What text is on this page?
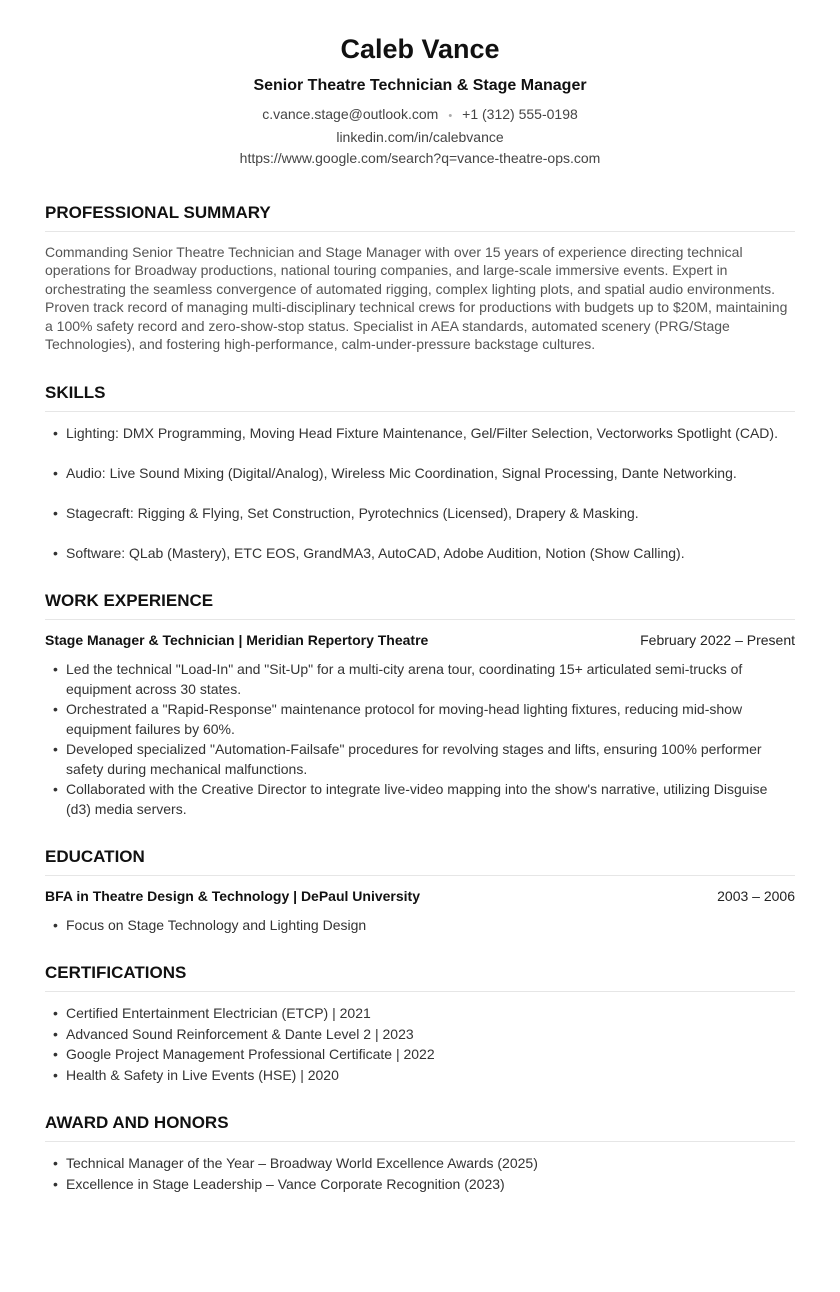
Caleb Vance
Senior Theatre Technician & Stage Manager
c.vance.stage@outlook.com • +1 (312) 555-0198
linkedin.com/in/calebvance
https://www.google.com/search?q=vance-theatre-ops.com
PROFESSIONAL SUMMARY
Commanding Senior Theatre Technician and Stage Manager with over 15 years of experience directing technical operations for Broadway productions, national touring companies, and large-scale immersive events. Expert in orchestrating the seamless convergence of automated rigging, complex lighting plots, and spatial audio environments. Proven track record of managing multi-disciplinary technical crews for productions with budgets up to $20M, maintaining a 100% safety record and zero-show-stop status. Specialist in AEA standards, automated scenery (PRG/Stage Technologies), and fostering high-performance, calm-under-pressure backstage cultures.
SKILLS
• Lighting: DMX Programming, Moving Head Fixture Maintenance, Gel/Filter Selection, Vectorworks Spotlight (CAD).
• Audio: Live Sound Mixing (Digital/Analog), Wireless Mic Coordination, Signal Processing, Dante Networking.
• Stagecraft: Rigging & Flying, Set Construction, Pyrotechnics (Licensed), Drapery & Masking.
• Software: QLab (Mastery), ETC EOS, GrandMA3, AutoCAD, Adobe Audition, Notion (Show Calling).
WORK EXPERIENCE
Stage Manager & Technician | Meridian Repertory Theatre	February 2022 – Present
• Led the technical "Load-In" and "Sit-Up" for a multi-city arena tour, coordinating 15+ articulated semi-trucks of equipment across 30 states.
• Orchestrated a "Rapid-Response" maintenance protocol for moving-head lighting fixtures, reducing mid-show equipment failures by 60%.
• Developed specialized "Automation-Failsafe" procedures for revolving stages and lifts, ensuring 100% performer safety during mechanical malfunctions.
• Collaborated with the Creative Director to integrate live-video mapping into the show's narrative, utilizing Disguise (d3) media servers.
EDUCATION
BFA in Theatre Design & Technology | DePaul University	2003 – 2006
• Focus on Stage Technology and Lighting Design
CERTIFICATIONS
• Certified Entertainment Electrician (ETCP) | 2021
• Advanced Sound Reinforcement & Dante Level 2 | 2023
• Google Project Management Professional Certificate | 2022
• Health & Safety in Live Events (HSE) | 2020
AWARD AND HONORS
• Technical Manager of the Year – Broadway World Excellence Awards (2025)
• Excellence in Stage Leadership – Vance Corporate Recognition (2023)
